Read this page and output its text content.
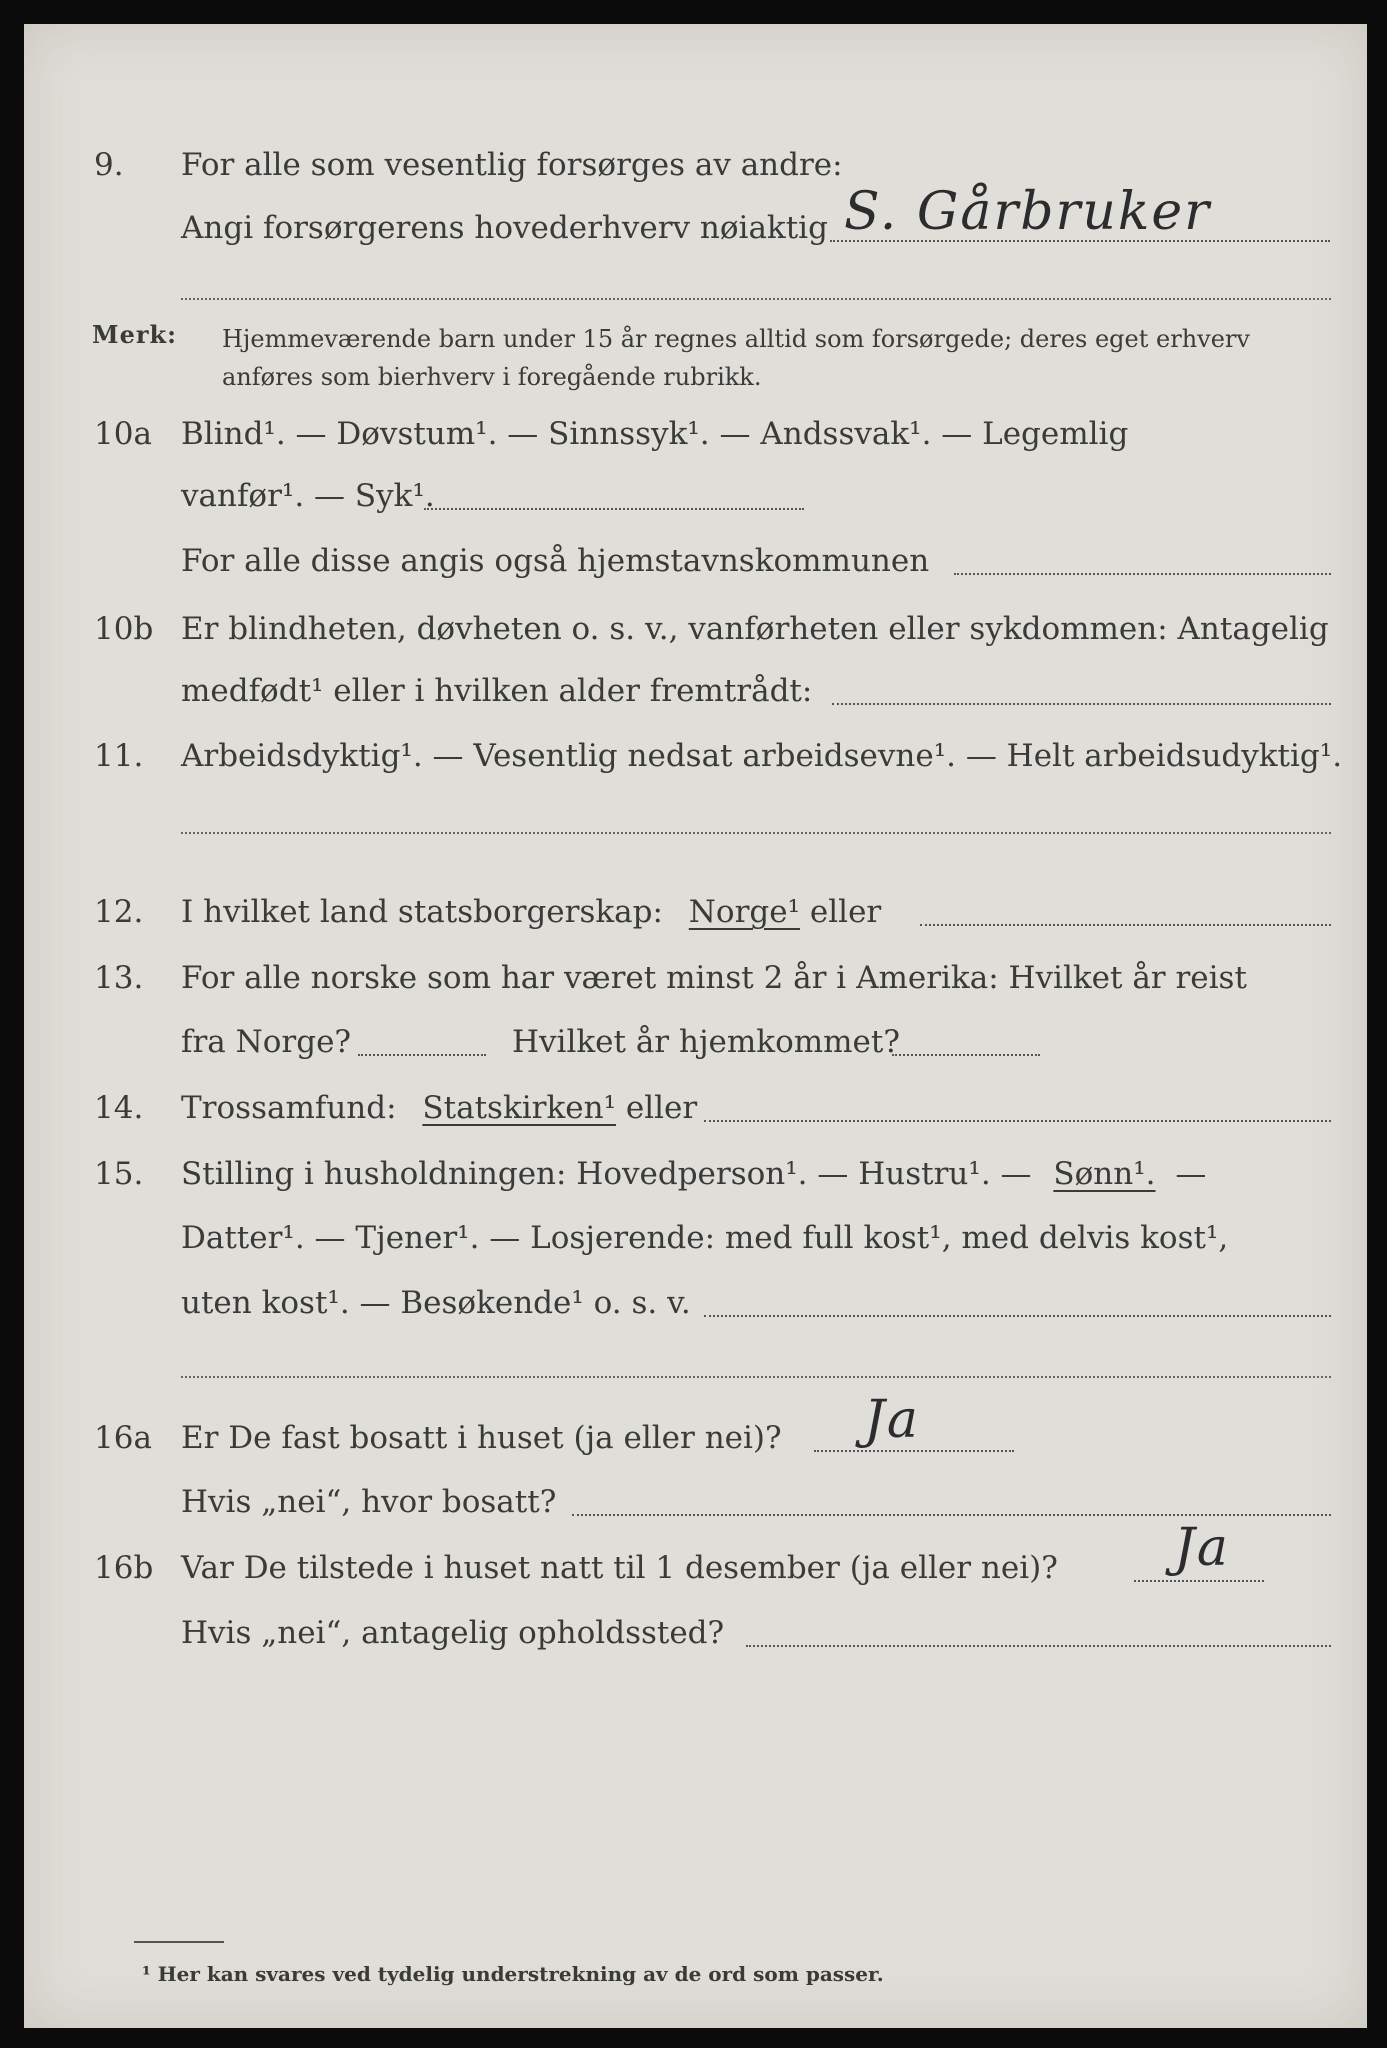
9. For alle som vesentlig forsørges av andre:
Angi forsørgerens hovederhverv nøiaktig S. Gårbruker
Merk: Hjemmeværende barn under 15 år regnes alltid som forsørgede; deres eget erhverv anføres som bierhverv i foregående rubrikk.
10a Blind¹. — Døvstum¹. — Sinnssyk¹. — Andssvak¹. — Legemlig
vanfør¹. — Syk¹.
For alle disse angis også hjemstavnskommunen
10b Er blindheten, døvheten o. s. v., vanførheten eller sykdommen: Antagelig
medfødt¹ eller i hvilken alder fremtrådt:
11. Arbeidsdyktig¹. — Vesentlig nedsat arbeidsevne¹. — Helt arbeidsudyktig¹.
12. I hvilket land statsborgerskap: Norge¹ eller
13. For alle norske som har været minst 2 år i Amerika: Hvilket år reist
fra Norge?	Hvilket år hjemkommet?
14. Trossamfund: Statskirken¹ eller
15. Stilling i husholdningen: Hovedperson¹. — Hustru¹. — Sønn¹. —
Datter¹. — Tjener¹. — Losjerende: med full kost¹, med delvis kost¹,
uten kost¹. — Besøkende¹ o. s. v.
16a Er De fast bosatt i huset (ja eller nei)? Ja
Hvis „nei“, hvor bosatt?
16b Var De tilstede i huset natt til 1 desember (ja eller nei)? Ja
Hvis „nei“, antagelig opholdssted?
¹ Her kan svares ved tydelig understrekning av de ord som passer.
